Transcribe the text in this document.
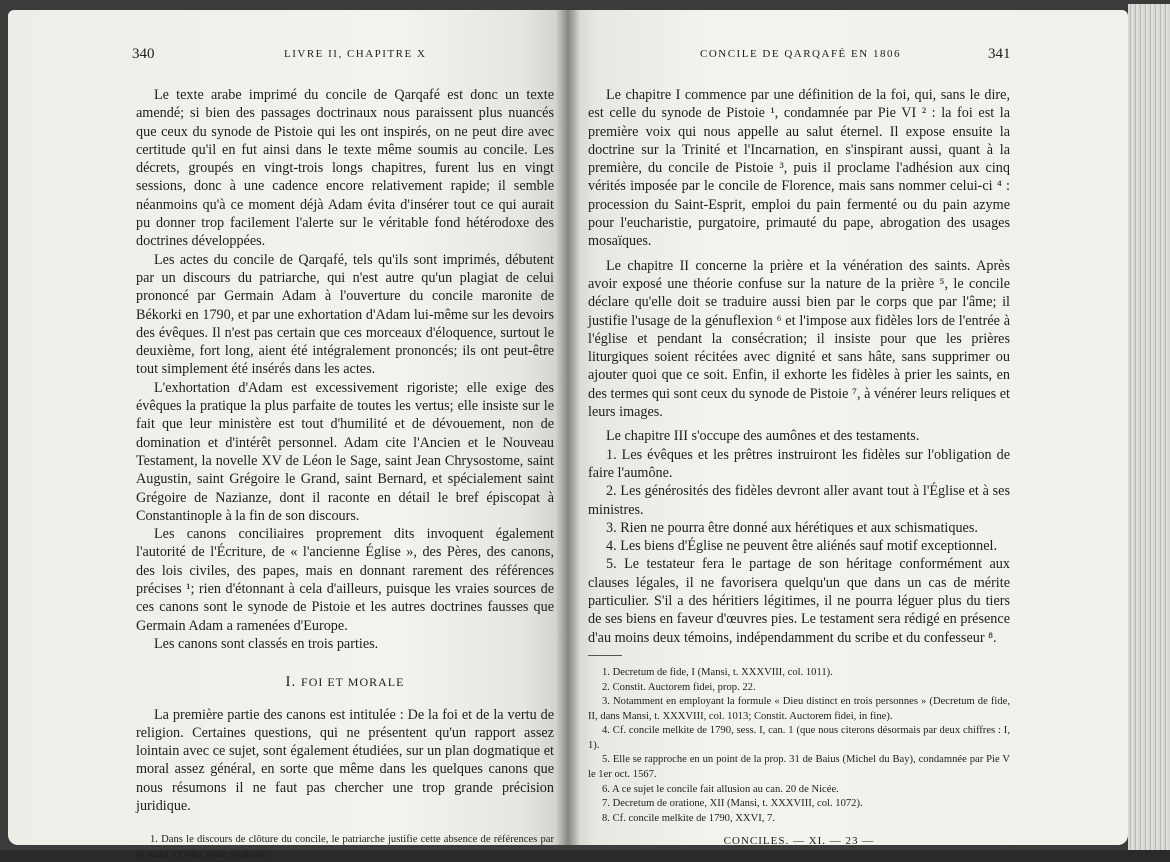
340	LIVRE II, CHAPITRE X

Le texte arabe imprimé du concile de Qarqafé est donc un texte amendé; si bien des passages doctrinaux nous paraissent plus nuancés que ceux du synode de Pistoie qui les ont inspirés, on ne peut dire avec certitude qu'il en fut ainsi dans le texte même soumis au concile. Les décrets, groupés en vingt-trois longs chapitres, furent lus en vingt sessions, donc à une cadence encore relativement rapide; il semble néanmoins qu'à ce moment déjà Adam évita d'insérer tout ce qui aurait pu donner trop facilement l'alerte sur le véritable fond hétérodoxe des doctrines développées.

Les actes du concile de Qarqafé, tels qu'ils sont imprimés, débutent par un discours du patriarche, qui n'est autre qu'un plagiat de celui prononcé par Germain Adam à l'ouverture du concile maronite de Békorki en 1790, et par une exhortation d'Adam lui-même sur les devoirs des évêques. Il n'est pas certain que ces morceaux d'éloquence, surtout le deuxième, fort long, aient été intégralement prononcés; ils ont peut-être tout simplement été insérés dans les actes.

L'exhortation d'Adam est excessivement rigoriste; elle exige des évêques la pratique la plus parfaite de toutes les vertus; elle insiste sur le fait que leur ministère est tout d'humilité et de dévouement, non de domination et d'intérêt personnel. Adam cite l'Ancien et le Nouveau Testament, la novelle XV de Léon le Sage, saint Jean Chrysostome, saint Augustin, saint Grégoire le Grand, saint Bernard, et spécialement saint Grégoire de Nazianze, dont il raconte en détail le bref épiscopat à Constantinople à la fin de son discours.

Les canons conciliaires proprement dits invoquent également l'autorité de l'Écriture, de « l'ancienne Église », des Pères, des canons, des lois civiles, des papes, mais en donnant rarement des références précises ¹; rien d'étonnant à cela d'ailleurs, puisque les vraies sources de ces canons sont le synode de Pistoie et les autres doctrines fausses que Germain Adam a ramenées d'Europe.

Les canons sont classés en trois parties.

I. FOI ET MORALE

La première partie des canons est intitulée : De la foi et de la vertu de religion. Certaines questions, qui ne présentent qu'un rapport assez lointain avec ce sujet, sont également étudiées, sur un plan dogmatique et moral assez général, en sorte que même dans les quelques canons que nous résumons il ne faut pas chercher une trop grande précision juridique.

1. Dans le discours de clôture du concile, le patriarche justifie cette absence de références par le souci d'éviter toute prolixité.

CONCILE DE QARQAFÉ EN 1806	341

Le chapitre I commence par une définition de la foi, qui, sans le dire, est celle du synode de Pistoie ¹, condamnée par Pie VI ² : la foi est la première voix qui nous appelle au salut éternel. Il expose ensuite la doctrine sur la Trinité et l'Incarnation, en s'inspirant aussi, quant à la première, du concile de Pistoie ³, puis il proclame l'adhésion aux cinq vérités imposée par le concile de Florence, mais sans nommer celui-ci ⁴ : procession du Saint-Esprit, emploi du pain fermenté ou du pain azyme pour l'eucharistie, purgatoire, primauté du pape, abrogation des usages mosaïques.

Le chapitre II concerne la prière et la vénération des saints. Après avoir exposé une théorie confuse sur la nature de la prière ⁵, le concile déclare qu'elle doit se traduire aussi bien par le corps que par l'âme; il justifie l'usage de la génuflexion ⁶ et l'impose aux fidèles lors de l'entrée à l'église et pendant la consécration; il insiste pour que les prières liturgiques soient récitées avec dignité et sans hâte, sans supprimer ou ajouter quoi que ce soit. Enfin, il exhorte les fidèles à prier les saints, en des termes qui sont ceux du synode de Pistoie ⁷, à vénérer leurs reliques et leurs images.

Le chapitre III s'occupe des aumônes et des testaments.

1. Les évêques et les prêtres instruiront les fidèles sur l'obligation de faire l'aumône.

2. Les générosités des fidèles devront aller avant tout à l'Église et à ses ministres.

3. Rien ne pourra être donné aux hérétiques et aux schismatiques.

4. Les biens d'Église ne peuvent être aliénés sauf motif exceptionnel.

5. Le testateur fera le partage de son héritage conformément aux clauses légales, il ne favorisera quelqu'un que dans un cas de mérite particulier. S'il a des héritiers légitimes, il ne pourra léguer plus du tiers de ses biens en faveur d'œuvres pies. Le testament sera rédigé en présence d'au moins deux témoins, indépendamment du scribe et du confesseur ⁸.

1. Decretum de fide, I (Mansi, t. XXXVIII, col. 1011).

2. Constit. Auctorem fidei, prop. 22.

3. Notamment en employant la formule « Dieu distinct en trois personnes » (Decretum de fide, II, dans Mansi, t. XXXVIII, col. 1013; Constit. Auctorem fidei, in fine).

4. Cf. concile melkite de 1790, sess. I, can. 1 (que nous citerons désormais par deux chiffres : I, 1).

5. Elle se rapproche en un point de la prop. 31 de Baius (Michel du Bay), condamnée par Pie V le 1er oct. 1567.

6. A ce sujet le concile fait allusion au can. 20 de Nicée.

7. Decretum de oratione, XII (Mansi, t. XXXVIII, col. 1072).

8. Cf. concile melkite de 1790, XXVI, 7.

CONCILES. — XI. — 23 —
